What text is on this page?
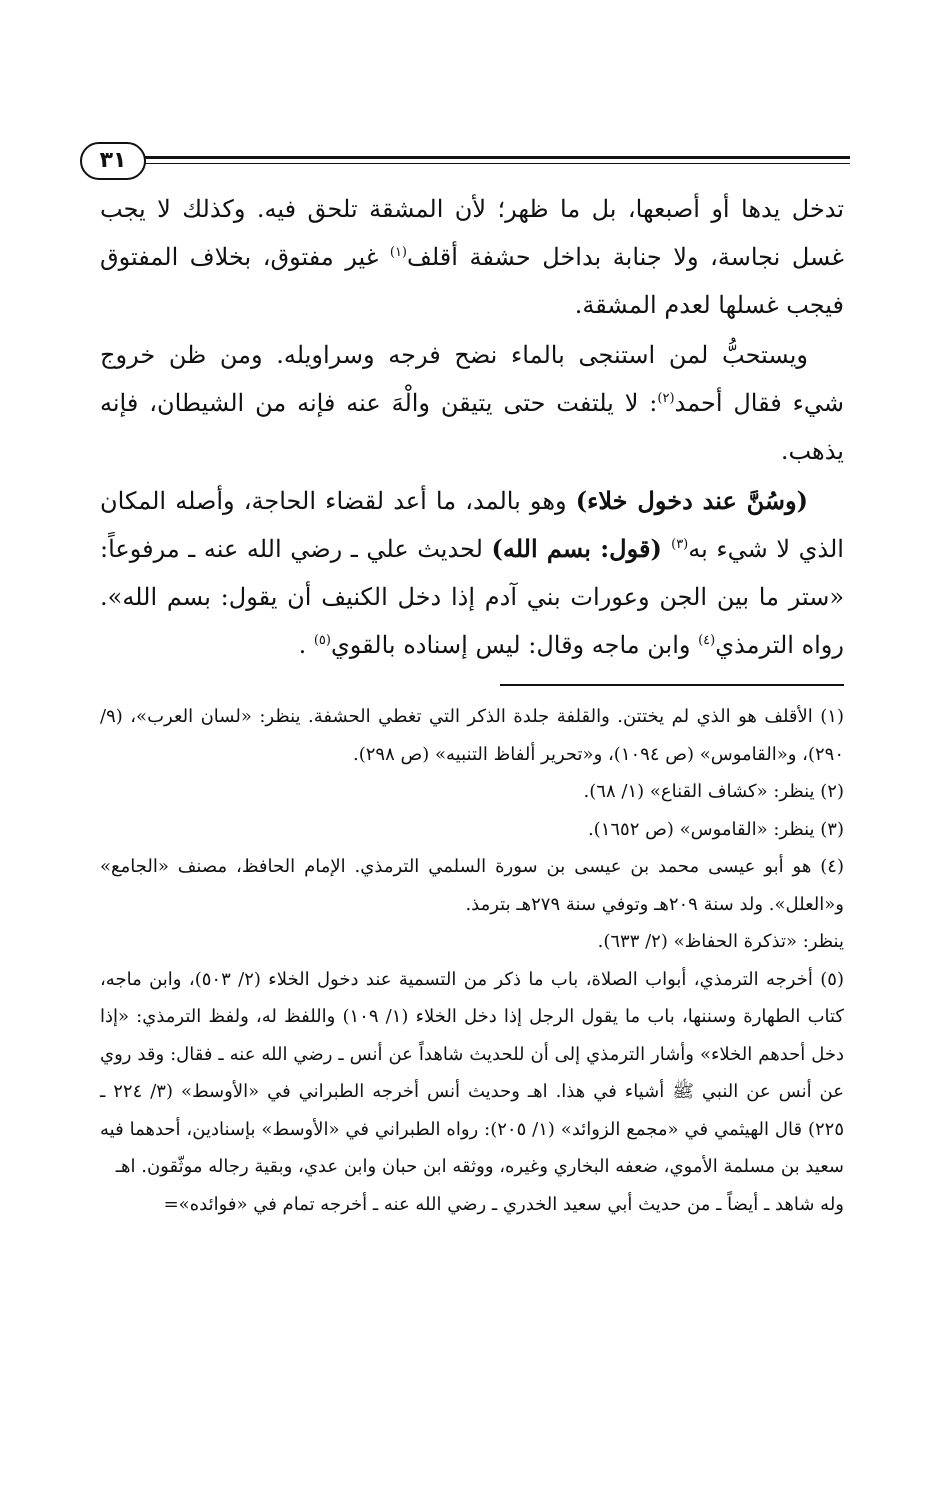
٣١

تدخل يدها أو أصبعها، بل ما ظهر؛ لأن المشقة تلحق فيه. وكذلك لا يجب غسل نجاسة، ولا جنابة بداخل حشفة أقلف$^{(١)}$ غير مفتوق، بخلاف المفتوق فيجب غسلها لعدم المشقة.

ويستحبُّ لمن استنجى بالماء نضح فرجه وسراويله. ومن ظن خروج شيء فقال أحمد$^{(٢)}$: لا يلتفت حتى يتيقن والْهَ عنه فإنه من الشيطان، فإنه يذهب.

(وسُنَّ عند دخول خلاء) وهو بالمد، ما أعد لقضاء الحاجة، وأصله المكان الذي لا شيء به$^{(٣)}$ (قول: بسم الله) لحديث علي ـ رضي الله عنه ـ مرفوعاً: «ستر ما بين الجن وعورات بني آدم إذا دخل الكنيف أن يقول: بسم الله». رواه الترمذي$^{(٤)}$ وابن ماجه وقال: ليس إسناده بالقوي$^{(٥)}$ .

(١) الأقلف هو الذي لم يختتن. والقلفة جلدة الذكر التي تغطي الحشفة. ينظر: «لسان العرب»، (٩/ ٢٩٠)، و«القاموس» (ص ١٠٩٤)، و«تحرير ألفاظ التنبيه» (ص ٢٩٨).

(٢) ينظر: «كشاف القناع» (١/ ٦٨).

(٣) ينظر: «القاموس» (ص ١٦٥٢).

(٤) هو أبو عيسى محمد بن عيسى بن سورة السلمي الترمذي. الإمام الحافظ، مصنف «الجامع» و«العلل». ولد سنة ٢٠٩هـ وتوفي سنة ٢٧٩هـ بترمذ.

ينظر: «تذكرة الحفاظ» (٢/ ٦٣٣).

(٥) أخرجه الترمذي، أبواب الصلاة، باب ما ذكر من التسمية عند دخول الخلاء (٢/ ٥٠٣)، وابن ماجه، كتاب الطهارة وسننها، باب ما يقول الرجل إذا دخل الخلاء (١/ ١٠٩) واللفظ له، ولفظ الترمذي: «إذا دخل أحدهم الخلاء» وأشار الترمذي إلى أن للحديث شاهداً عن أنس ـ رضي الله عنه ـ فقال: وقد روي عن أنس عن النبي ﷺ أشياء في هذا. اهـ وحديث أنس أخرجه الطبراني في «الأوسط» (٣/ ٢٢٤ ـ ٢٢٥) قال الهيثمي في «مجمع الزوائد» (١/ ٢٠٥): رواه الطبراني في «الأوسط» بإسنادين، أحدهما فيه سعيد بن مسلمة الأموي، ضعفه البخاري وغيره، ووثقه ابن حبان وابن عدي، وبقية رجاله موثّقون. اهـ

وله شاهد ـ أيضاً ـ من حديث أبي سعيد الخدري ـ رضي الله عنه ـ أخرجه تمام في «فوائده»=
